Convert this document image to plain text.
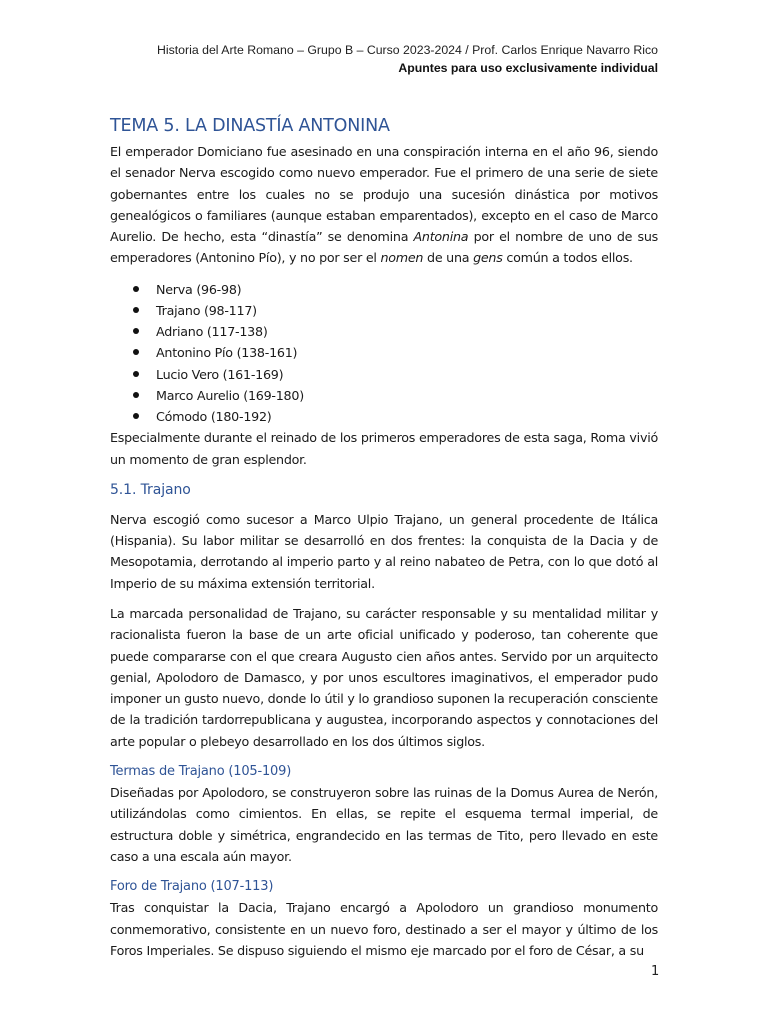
Historia del Arte Romano – Grupo B – Curso 2023-2024 / Prof. Carlos Enrique Navarro Rico
Apuntes para uso exclusivamente individual
TEMA 5. LA DINASTÍA ANTONINA

El emperador Domiciano fue asesinado en una conspiración interna en el año 96, siendo el senador Nerva escogido como nuevo emperador. Fue el primero de una serie de siete gobernantes entre los cuales no se produjo una sucesión dinástica por motivos genealógicos o familiares (aunque estaban emparentados), excepto en el caso de Marco Aurelio. De hecho, esta “dinastía” se denomina Antonina por el nombre de uno de sus emperadores (Antonino Pío), y no por ser el nomen de una gens común a todos ellos.

Nerva (96-98)
Trajano (98-117)
Adriano (117-138)
Antonino Pío (138-161)
Lucio Vero (161-169)
Marco Aurelio (169-180)
Cómodo (180-192)

Especialmente durante el reinado de los primeros emperadores de esta saga, Roma vivió un momento de gran esplendor.

5.1. Trajano

Nerva escogió como sucesor a Marco Ulpio Trajano, un general procedente de Itálica (Hispania). Su labor militar se desarrolló en dos frentes: la conquista de la Dacia y de Mesopotamia, derrotando al imperio parto y al reino nabateo de Petra, con lo que dotó al Imperio de su máxima extensión territorial.

La marcada personalidad de Trajano, su carácter responsable y su mentalidad militar y racionalista fueron la base de un arte oficial unificado y poderoso, tan coherente que puede compararse con el que creara Augusto cien años antes. Servido por un arquitecto genial, Apolodoro de Damasco, y por unos escultores imaginativos, el emperador pudo imponer un gusto nuevo, donde lo útil y lo grandioso suponen la recuperación consciente de la tradición tardorrepublicana y augustea, incorporando aspectos y connotaciones del arte popular o plebeyo desarrollado en los dos últimos siglos.

Termas de Trajano (105-109)

Diseñadas por Apolodoro, se construyeron sobre las ruinas de la Domus Aurea de Nerón, utilizándolas como cimientos. En ellas, se repite el esquema termal imperial, de estructura doble y simétrica, engrandecido en las termas de Tito, pero llevado en este caso a una escala aún mayor.

Foro de Trajano (107-113)

Tras conquistar la Dacia, Trajano encargó a Apolodoro un grandioso monumento conmemorativo, consistente en un nuevo foro, destinado a ser el mayor y último de los Foros Imperiales. Se dispuso siguiendo el mismo eje marcado por el foro de César, a su

1
